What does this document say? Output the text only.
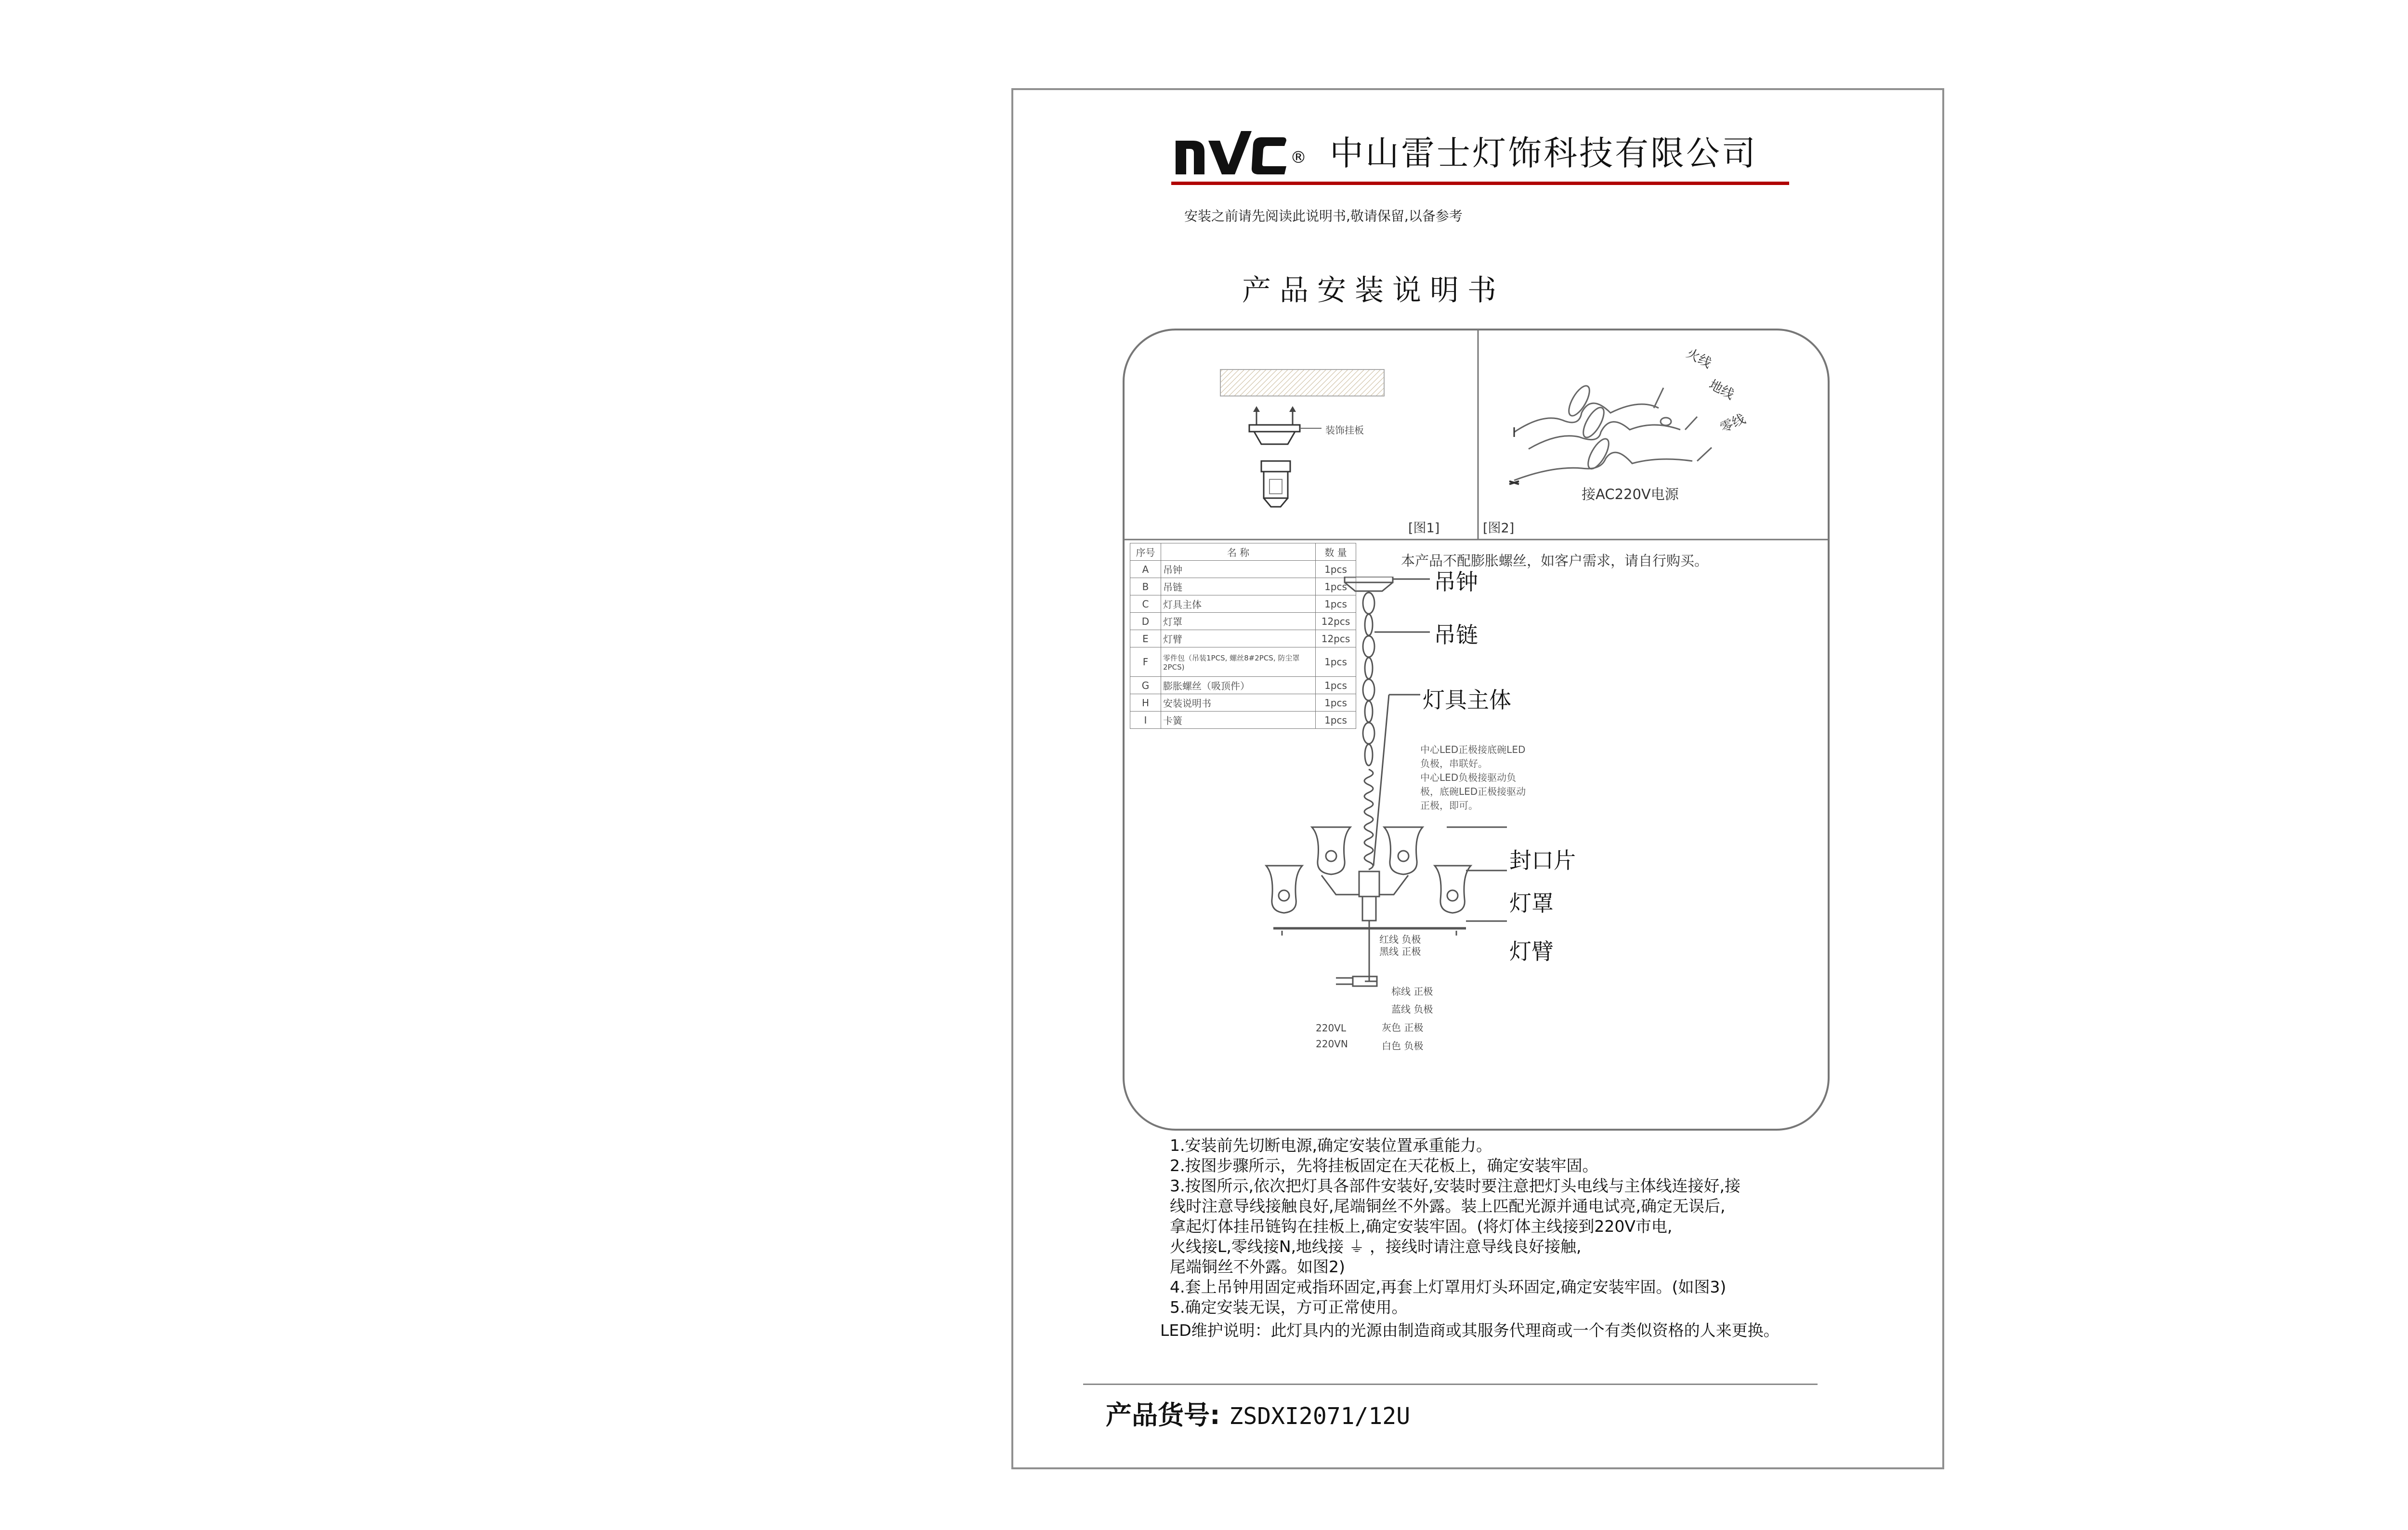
® 中山雷士灯饰科技有限公司
安装之前请先阅读此说明书,敬请保留,以备参考
产品安装说明书
装饰挂板
[图1]
火线
地线
零线
接AC220V电源
[图2]
本产品不配膨胀螺丝，如客户需求，请自行购买。
序号	名 称	数 量
A	吊钟	1pcs
B	吊链	1pcs
C	灯具主体	1pcs
D	灯罩	12pcs
E	灯臂	12pcs
F	零件包（吊装1PCS, 螺丝8#2PCS, 防尘罩2PCS)	1pcs
G	膨胀螺丝（吸顶件）	1pcs
H	安装说明书	1pcs
I	卡簧	1pcs
吊钟
吊链
灯具主体
封口片
灯罩
灯臂
中心LED正极接底碗LED
负极，串联好。
中心LED负极接驱动负
极，底碗LED正极接驱动
正极，即可。
红线 负极
黑线 正极
棕线 正极
蓝线 负极
灰色 正极
白色 负极
220VL
220VN
1.安装前先切断电源,确定安装位置承重能力。
2.按图步骤所示，先将挂板固定在天花板上，确定安装牢固。
3.按图所示,依次把灯具各部件安装好,安装时要注意把灯头电线与主体线连接好,接
线时注意导线接触良好,尾端铜丝不外露。装上匹配光源并通电试亮,确定无误后,
拿起灯体挂吊链钩在挂板上,确定安装牢固。(将灯体主线接到220V市电,
火线接L,零线接N,地线接 ⏚ ，接线时请注意导线良好接触,
尾端铜丝不外露。如图2)
4.套上吊钟用固定戒指环固定,再套上灯罩用灯头环固定,确定安装牢固。(如图3)
5.确定安装无误，方可正常使用。
LED维护说明：此灯具内的光源由制造商或其服务代理商或一个有类似资格的人来更换。
产品货号: ZSDXI2071/12U
